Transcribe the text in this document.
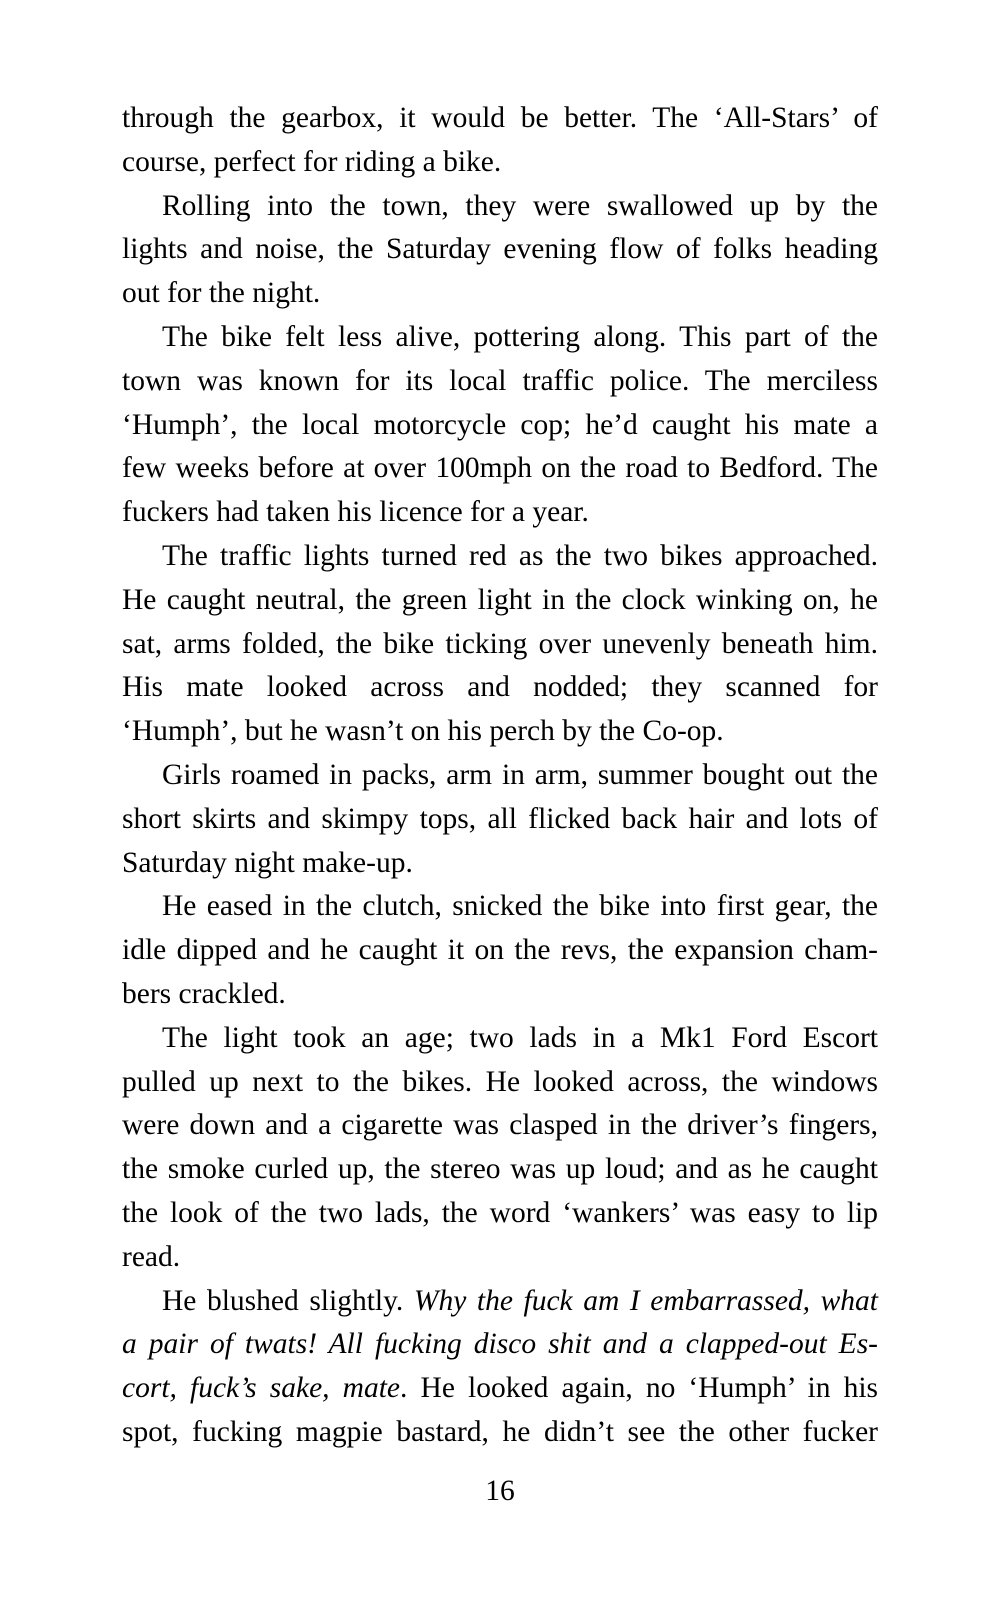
through the gearbox, it would be better. The ‘All-Stars’ of
course, perfect for riding a bike.
Rolling into the town, they were swallowed up by the
lights and noise, the Saturday evening flow of folks heading
out for the night.
The bike felt less alive, pottering along. This part of the
town was known for its local traffic police. The merciless
‘Humph’, the local motorcycle cop; he’d caught his mate a
few weeks before at over 100mph on the road to Bedford. The
fuckers had taken his licence for a year.
The traffic lights turned red as the two bikes approached.
He caught neutral, the green light in the clock winking on, he
sat, arms folded, the bike ticking over unevenly beneath him.
His mate looked across and nodded; they scanned for
‘Humph’, but he wasn’t on his perch by the Co-op.
Girls roamed in packs, arm in arm, summer bought out the
short skirts and skimpy tops, all flicked back hair and lots of
Saturday night make-up.
He eased in the clutch, snicked the bike into first gear, the
idle dipped and he caught it on the revs, the expansion cham-
bers crackled.
The light took an age; two lads in a Mk1 Ford Escort
pulled up next to the bikes. He looked across, the windows
were down and a cigarette was clasped in the driver’s fingers,
the smoke curled up, the stereo was up loud; and as he caught
the look of the two lads, the word ‘wankers’ was easy to lip
read.
He blushed slightly. Why the fuck am I embarrassed, what
a pair of twats! All fucking disco shit and a clapped-out Es-
cort, fuck’s sake, mate. He looked again, no ‘Humph’ in his
spot, fucking magpie bastard, he didn’t see the other fucker
16
